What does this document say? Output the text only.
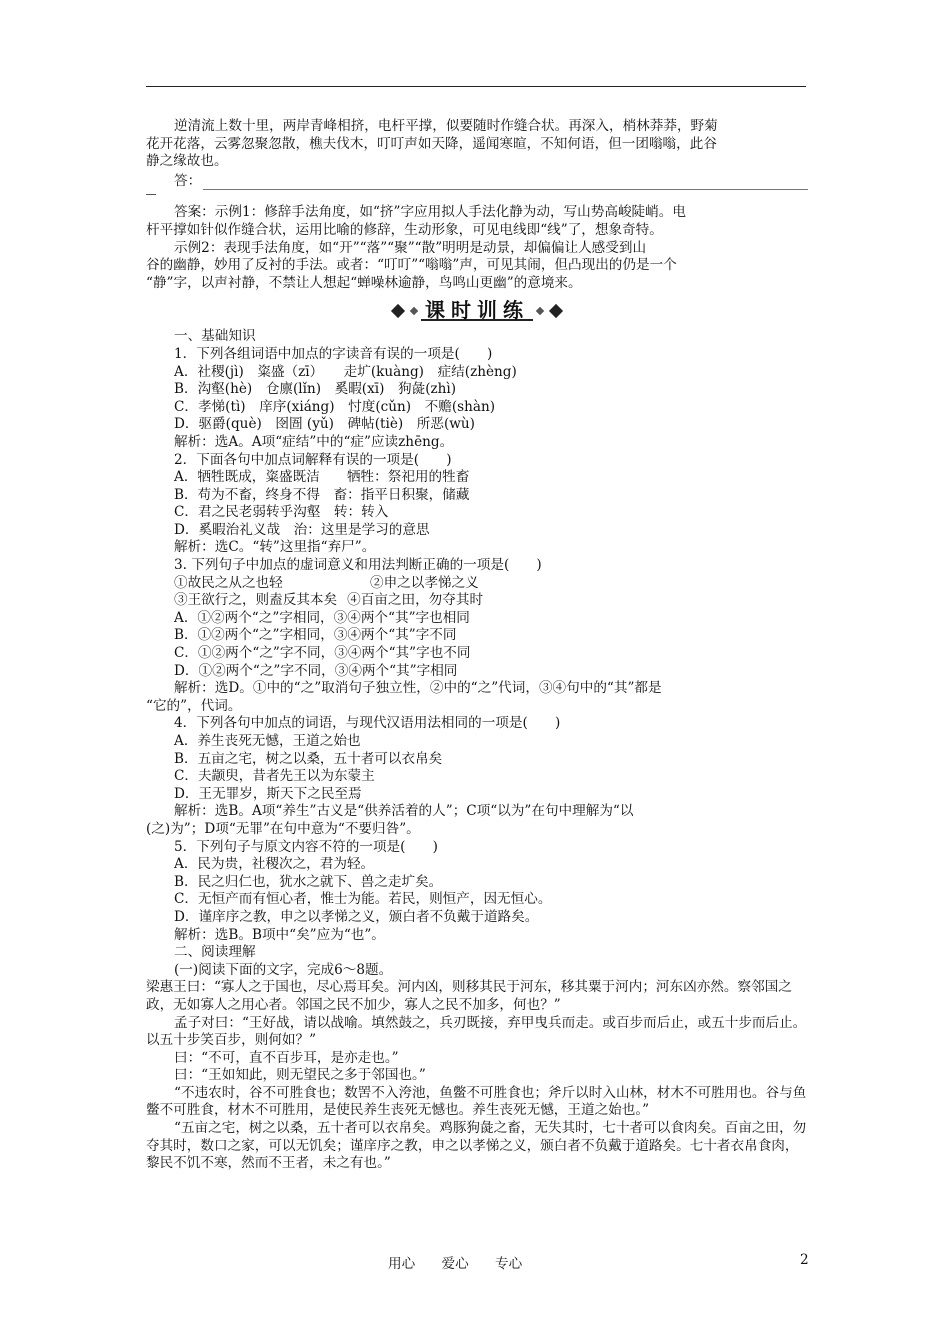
逆清流上数十里，两岸青峰相挤，电杆平撑，似要随时作缝合状。再深入，梢林莽莽，野菊

花开花落，云雾忽聚忽散，樵夫伐木，叮叮声如天降，遥闻寒暄，不知何语，但一团嗡嗡，此谷

静之缘故也。

答：

答案：示例1：修辞手法角度，如“挤”字应用拟人手法化静为动，写山势高峻陡峭。电

杆平撑如针似作缝合状，运用比喻的修辞，生动形象，可见电线即“线”了，想象奇特。

示例2：表现手法角度，如“开”“落”“聚”“散”明明是动景，却偏偏让人感受到山

谷的幽静，妙用了反衬的手法。或者：“叮叮”“嗡嗡”声，可见其闹，但凸现出的仍是一个

“静”字，以声衬静，不禁让人想起“蝉噪林逾静，鸟鸣山更幽”的意境来。

课时训练

一、基础知识

1．下列各组词语中加点的字读音有误的一项是(　　)

A．社稷(jì)　粢盛（zī）　　走圹(kuàng)　症结(zhèng)

B．沟壑(hè)　仓廪(lǐn)　奚暇(xī)　狗彘(zhì)

C．孝悌(tì)　庠序(xiáng)　忖度(cǔn)　不赡(shàn)

D．驱爵(què)　囹圄 (yǔ)　碑帖(tiè)　所恶(wù)

解析：选A。A项“症结”中的“症”应读zhēng。

2．下面各句中加点词解释有误的一项是(　　)

A．牺牲既成，粢盛既洁　　牺牲：祭祀用的牲畜

B．苟为不畜，终身不得　畜：指平日积聚，储藏

C．君之民老弱转乎沟壑　转：转入

D．奚暇治礼义哉　治：这里是学习的意思

解析：选C。“转”这里指“弃尸”。

3. 下列句子中加点的虚词意义和用法判断正确的一项是(　　)

①故民之从之也轻	②申之以孝悌之义
③王欲行之，则盍反其本矣 ④百亩之田，勿夺其时

A．①②两个“之”字相同，③④两个“其”字也相同

B．①②两个“之”字相同，③④两个“其”字不同

C．①②两个“之”字不同，③④两个“其”字也不同

D．①②两个“之”字不同，③④两个“其”字相同

解析：选D。①中的“之”取消句子独立性，②中的“之”代词，③④句中的“其”都是

“它的”，代词。

4．下列各句中加点的词语，与现代汉语用法相同的一项是(　　)

A．养生丧死无憾，王道之始也

B．五亩之宅，树之以桑，五十者可以衣帛矣

C．夫颛臾，昔者先王以为东蒙主

D．王无罪岁，斯天下之民至焉

解析：选B。A项“养生”古义是“供养活着的人”；C项“以为”在句中理解为“以

(之)为”；D项“无罪”在句中意为“不要归咎”。

5．下列句子与原文内容不符的一项是(　　)

A．民为贵，社稷次之，君为轻。

B．民之归仁也，犹水之就下、兽之走圹矣。

C．无恒产而有恒心者，惟士为能。若民，则恒产，因无恒心。

D．谨庠序之教，申之以孝悌之义，颁白者不负戴于道路矣。

解析：选B。B项中“矣”应为“也”。

二、阅读理解

(一)阅读下面的文字，完成6～8题。

梁惠王曰：“寡人之于国也，尽心焉耳矣。河内凶，则移其民于河东，移其粟于河内；河东凶亦然。察邻国之政，无如寡人之用心者。邻国之民不加少，寡人之民不加多，何也？”

孟子对曰：“王好战，请以战喻。填然鼓之，兵刃既接，弃甲曳兵而走。或百步而后止，或五十步而后止。以五十步笑百步，则何如？”

曰：“不可，直不百步耳，是亦走也。”

曰：“王如知此，则无望民之多于邻国也。”

“不违农时，谷不可胜食也；数罟不入洿池，鱼鳖不可胜食也；斧斤以时入山林，材木不可胜用也。谷与鱼鳖不可胜食，材木不可胜用，是使民养生丧死无憾也。养生丧死无憾，王道之始也。”

“五亩之宅，树之以桑，五十者可以衣帛矣。鸡豚狗彘之畜，无失其时，七十者可以食肉矣。百亩之田，勿夺其时，数口之家，可以无饥矣；谨庠序之教，申之以孝悌之义，颁白者不负戴于道路矣。七十者衣帛食肉，黎民不饥不寒，然而不王者，未之有也。”

用心 爱心 专心	2
